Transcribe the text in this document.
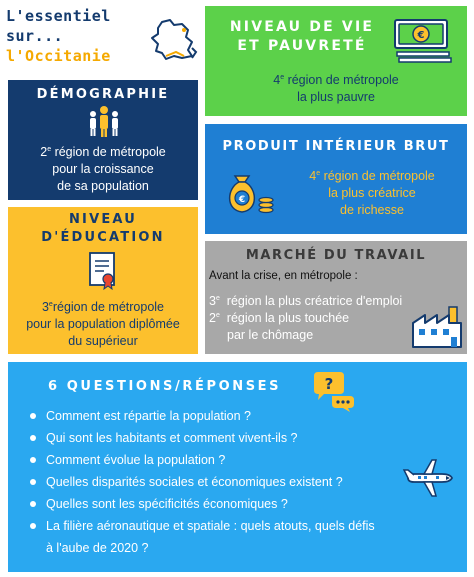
L'essentiel
sur...
l'Occitanie
NIVEAU DE VIE
ET PAUVRETÉ
€
4e région de métropole
la plus pauvre
DÉMOGRAPHIE
2e région de métropole
pour la croissance
de sa population
PRODUIT INTÉRIEUR BRUT
€
4e région de métropole
la plus créatrice
de richesse
NIVEAU
D'ÉDUCATION
3erégion de métropole
pour la population diplômée
du supérieur
MARCHÉ DU TRAVAIL
Avant la crise, en métropole :
3e  région la plus créatrice d'emploi
2e  région la plus touchée
par le chômage
6 QUESTIONS/RÉPONSES	?
Comment est répartie la population ?
Qui sont les habitants et comment vivent-ils ?
Comment évolue la population ?
Quelles disparités sociales et économiques existent ?
Quelles sont les spécificités économiques ?
La filière aéronautique et spatiale : quels atouts, quels défis
à l'aube de 2020 ?
